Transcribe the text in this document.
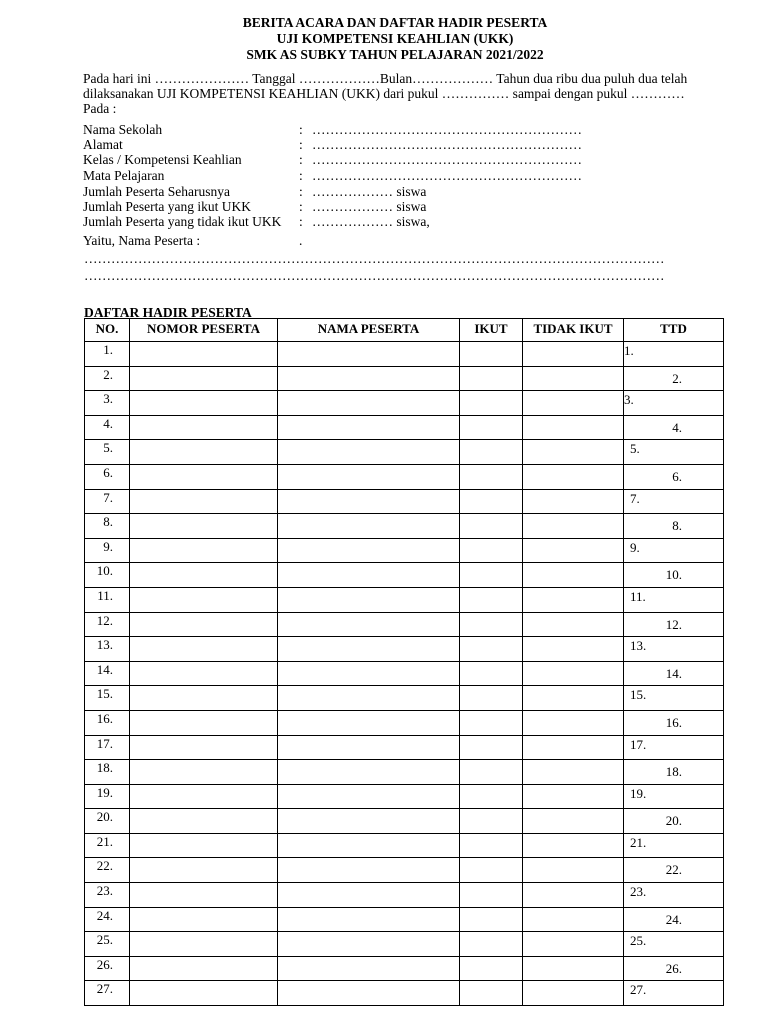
BERITA ACARA DAN DAFTAR HADIR PESERTA
UJI KOMPETENSI KEAHLIAN (UKK)
SMK AS SUBKY TAHUN PELAJARAN 2021/2022
Pada hari ini ………………… Tanggal ………………Bulan……………… Tahun dua ribu dua puluh dua telah
dilaksanakan UJI KOMPETENSI KEAHLIAN (UKK) dari pukul …………… sampai dengan pukul …………
Pada :
Nama Sekolah	: ……………………………………………………
Alamat	: ……………………………………………………
Kelas / Kompetensi Keahlian	: ……………………………………………………
Mata Pelajaran	: ……………………………………………………
Jumlah Peserta Seharusnya	: ……………… siswa
Jumlah Peserta yang ikut UKK	: ……………… siswa
Jumlah Peserta yang tidak ikut UKK : ……………… siswa,
Yaitu, Nama Peserta :	.
…………………………………………………………………………………………………………………
…………………………………………………………………………………………………………………
DAFTAR HADIR PESERTA
NO.	NOMOR PESERTA	NAMA PESERTA	IKUT	TIDAK IKUT	TTD
1.					1.
2.					2.

3.					3.
4.					4.

5.					5.
6.					6.

7.					7.
8.					8.

9.					9.
10.					10.

11.					11.
12.					12.

13.					13.
14.					14.

15.					15.
16.					16.

17.					17.
18.					18.

19.					19.
20.					20.

21.					21.
22.					22.

23.					23.
24.					24.

25.					25.
26.					26.

27.					27.
